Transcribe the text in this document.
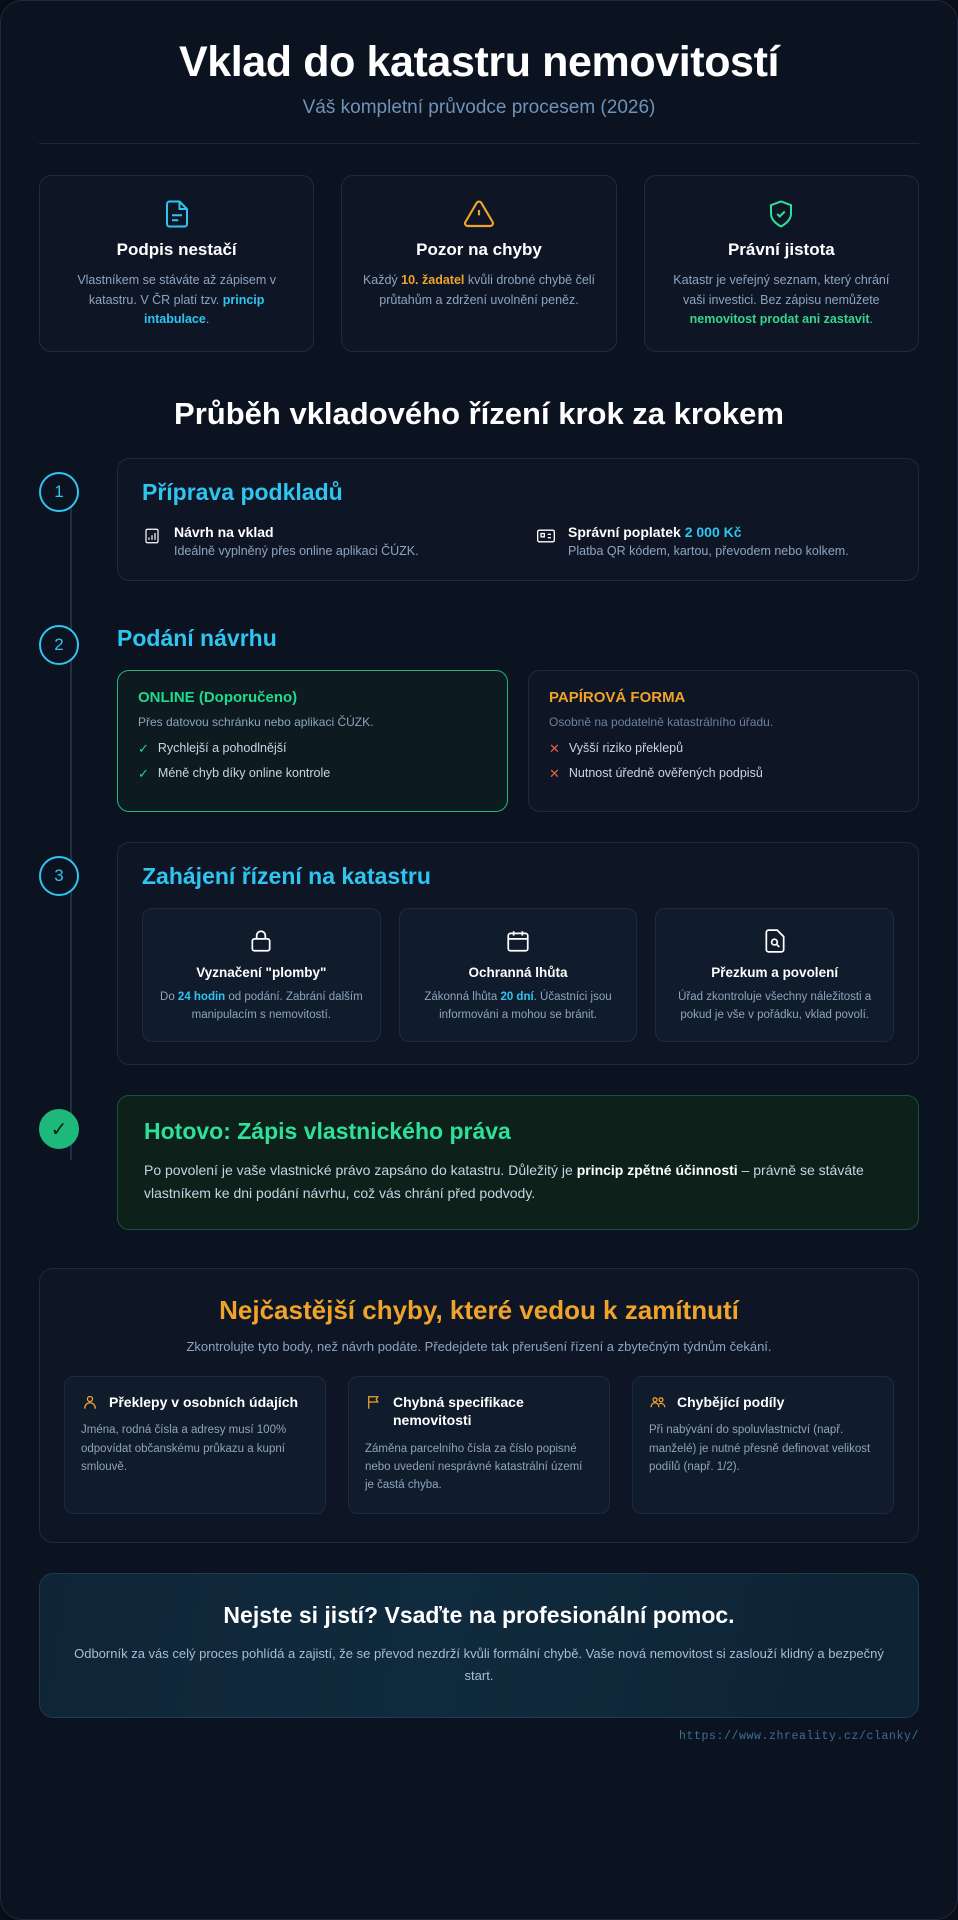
Vklad do katastru nemovitostí
Váš kompletní průvodce procesem (2026)
Podpis nestačí

Vlastníkem se stáváte až zápisem v katastru. V ČR platí tzv. princip intabulace.

Pozor na chyby

Každý 10. žadatel kvůli drobné chybě čelí průtahům a zdržení uvolnění peněz.

Právní jistota

Katastr je veřejný seznam, který chrání vaši investici. Bez zápisu nemůžete nemovitost prodat ani zastavit.

Průběh vkladového řízení krok za krokem
1	Příprava podkladů
Návrh na vklad
Ideálně vyplněný přes online aplikaci ČÚZK.
Správní poplatek 2 000 Kč
Platba QR kódem, kartou, převodem nebo kolkem.
2	Podání návrhu
ONLINE (Doporučeno)
Přes datovou schránku nebo aplikaci ČÚZK.
✓ Rychlejší a pohodlnější
✓ Méně chyb díky online kontrole
PAPÍROVÁ FORMA
Osobně na podatelně katastrálního úřadu.
✕ Vyšší riziko překlepů
✕ Nutnost úředně ověřených podpisů
3	Zahájení řízení na katastru
Vyznačení "plomby"

Do 24 hodin od podání. Zabrání dalším manipulacím s nemovitostí.

Ochranná lhůta

Zákonná lhůta 20 dní. Účastníci jsou informováni a mohou se bránit.

Přezkum a povolení

Úřad zkontroluje všechny náležitosti a pokud je vše v pořádku, vklad povolí.

✓	Hotovo: Zápis vlastnického práva

Po povolení je vaše vlastnické právo zapsáno do katastru. Důležitý je princip zpětné účinnosti – právně se stáváte vlastníkem ke dni podání návrhu, což vás chrání před podvody.

Nejčastější chyby, které vedou k zamítnutí
Zkontrolujte tyto body, než návrh podáte. Předejdete tak přerušení řízení a zbytečným týdnům čekání.
Překlepy v osobních údajích

Jména, rodná čísla a adresy musí 100% odpovídat občanskému průkazu a kupní smlouvě.

Chybná specifikace nemovitosti

Záměna parcelního čísla za číslo popisné nebo uvedení nesprávné katastrální území je častá chyba.

Chybějící podíly

Při nabývání do spoluvlastnictví (např. manželé) je nutné přesně definovat velikost podílů (např. 1/2).

Nejste si jistí? Vsaďte na profesionální pomoc.

Odborník za vás celý proces pohlídá a zajistí, že se převod nezdrží kvůli formální chybě. Vaše nová nemovitost si zaslouží klidný a bezpečný start.

https://www.zhreality.cz/clanky/
